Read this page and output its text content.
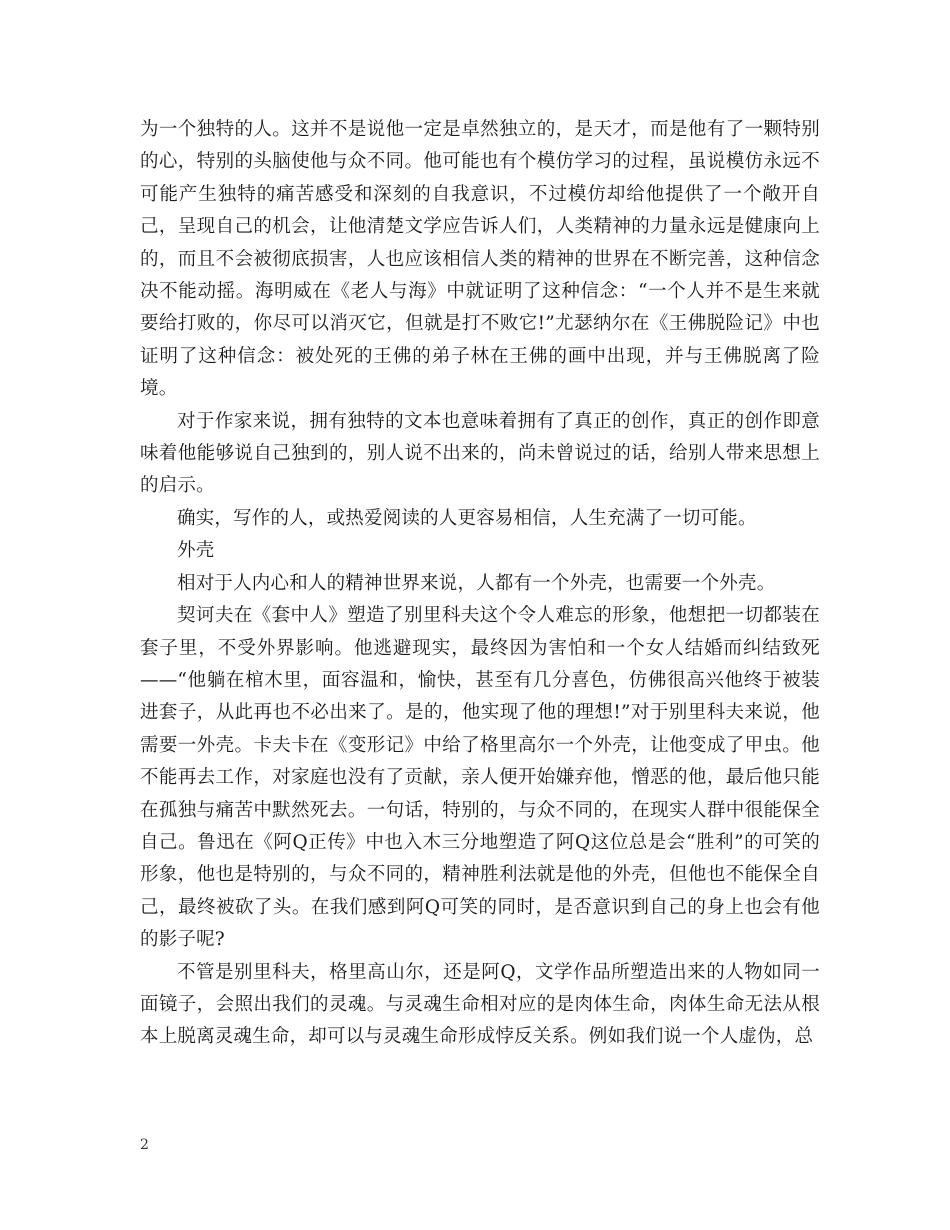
为一个独特的人。这并不是说他一定是卓然独立的，是天才，而是他有了一颗特别的心，特别的头脑使他与众不同。他可能也有个模仿学习的过程，虽说模仿永远不可能产生独特的痛苦感受和深刻的自我意识，不过模仿却给他提供了一个敞开自己，呈现自己的机会，让他清楚文学应告诉人们，人类精神的力量永远是健康向上的，而且不会被彻底损害，人也应该相信人类的精神的世界在不断完善，这种信念决不能动摇。海明威在《老人与海》中就证明了这种信念：“一个人并不是生来就要给打败的，你尽可以消灭它，但就是打不败它!”尤瑟纳尔在《王佛脱险记》中也证明了这种信念：被处死的王佛的弟子林在王佛的画中出现，并与王佛脱离了险境。

对于作家来说，拥有独特的文本也意味着拥有了真正的创作，真正的创作即意味着他能够说自己独到的，别人说不出来的，尚未曾说过的话，给别人带来思想上的启示。

确实，写作的人，或热爱阅读的人更容易相信，人生充满了一切可能。

外壳

相对于人内心和人的精神世界来说，人都有一个外壳，也需要一个外壳。

契诃夫在《套中人》塑造了别里科夫这个令人难忘的形象，他想把一切都装在套子里，不受外界影响。他逃避现实，最终因为害怕和一个女人结婚而纠结致死——“他躺在棺木里，面容温和，愉快，甚至有几分喜色，仿佛很高兴他终于被装进套子，从此再也不必出来了。是的，他实现了他的理想!”对于别里科夫来说，他需要一外壳。卡夫卡在《变形记》中给了格里高尔一个外壳，让他变成了甲虫。他不能再去工作，对家庭也没有了贡献，亲人便开始嫌弃他，憎恶的他，最后他只能在孤独与痛苦中默然死去。一句话，特别的，与众不同的，在现实人群中很能保全自己。鲁迅在《阿Q正传》中也入木三分地塑造了阿Q这位总是会“胜利”的可笑的形象，他也是特别的，与众不同的，精神胜利法就是他的外壳，但他也不能保全自己，最终被砍了头。在我们感到阿Q可笑的同时，是否意识到自己的身上也会有他的影子呢?

不管是别里科夫，格里高山尔，还是阿Q，文学作品所塑造出来的人物如同一面镜子，会照出我们的灵魂。与灵魂生命相对应的是肉体生命，肉体生命无法从根本上脱离灵魂生命，却可以与灵魂生命形成悖反关系。例如我们说一个人虚伪，总

2
